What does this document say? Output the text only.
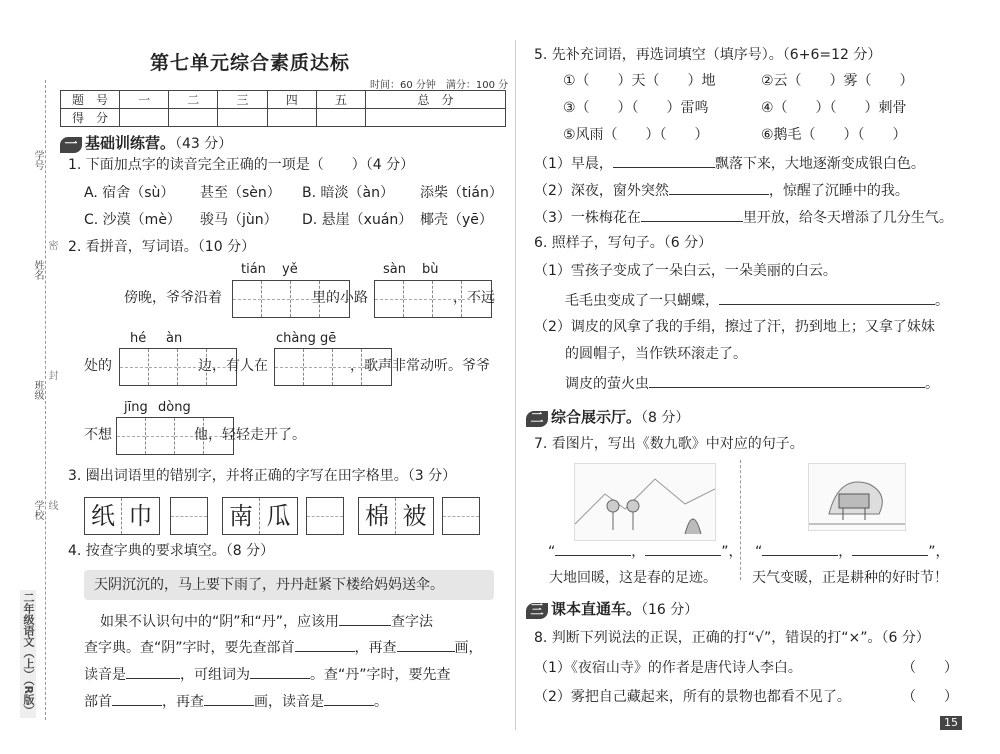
学号
姓名
班级
学校
密
封
线
二年级语文（上）（R版）
第七单元综合素质达标
时间：60 分钟　满分：100 分
题　号	一	二	三	四	五	总　分
得　分						
一 基础训练营。（43 分）
1. 下面加点字的读音完全正确的一项是（　　）（4 分）
A. 宿舍（sù） 甚至（sèn） B. 暗淡（àn） 添柴（tián）
C. 沙漠（mè） 骏马（jùn） D. 悬崖（xuán） 椰壳（yē）
2. 看拼音，写词语。（10 分）
tián yě	sàn bù
傍晚，爷爷沿着	里的小路	，不远
hé àn	chàng gē
处的	边，有人在	，歌声非常动听。爷爷
jīng dòng
不想	他，轻轻走开了。
3. 圈出词语里的错别字，并将正确的字写在田字格里。（3 分）
纸 巾	南 瓜	棉 被
4. 按查字典的要求填空。（8 分）
天阴沉沉的，马上要下雨了，丹丹赶紧下楼给妈妈送伞。
如果不认识句中的“阴”和“丹”，应该用	查字法
查字典。查“阴”字时，要先查部首	，再查	画，
读音是	，可组词为	。查“丹”字时，要先查
部首	，再查	画，读音是	。
5. 先补充词语，再选词填空（填序号）。（6+6=12 分）
①（　　）天（　　）地	②云（　　）雾（　　）
③（　　）（　　）雷鸣	④（　　）（　　）刺骨
⑤风雨（　　）（　　）	⑥鹅毛（　　）（　　）
（1）早晨，	飘落下来，大地逐渐变成银白色。
（2）深夜，窗外突然	，惊醒了沉睡中的我。
（3）一株梅花在	里开放，给冬天增添了几分生气。
6. 照样子，写句子。（6 分）
（1）雪孩子变成了一朵白云，一朵美丽的白云。
毛毛虫变成了一只蝴蝶，	。
（2）调皮的风拿了我的手绢，擦过了汗，扔到地上；又拿了妹妹
的圆帽子，当作铁环滚走了。
调皮的萤火虫	。
二 综合展示厅。（8 分）
7. 看图片，写出《数九歌》中对应的句子。
“	，	”，
大地回暖，这是春的足迹。
“	，	”，
天气变暖，正是耕种的好时节！
三 课本直通车。（16 分）
8. 判断下列说法的正误，正确的打“√”，错误的打“×”。（6 分）
（1）《夜宿山寺》的作者是唐代诗人李白。	（　　）
（2）雾把自己藏起来，所有的景物也都看不见了。	（　　）
15
